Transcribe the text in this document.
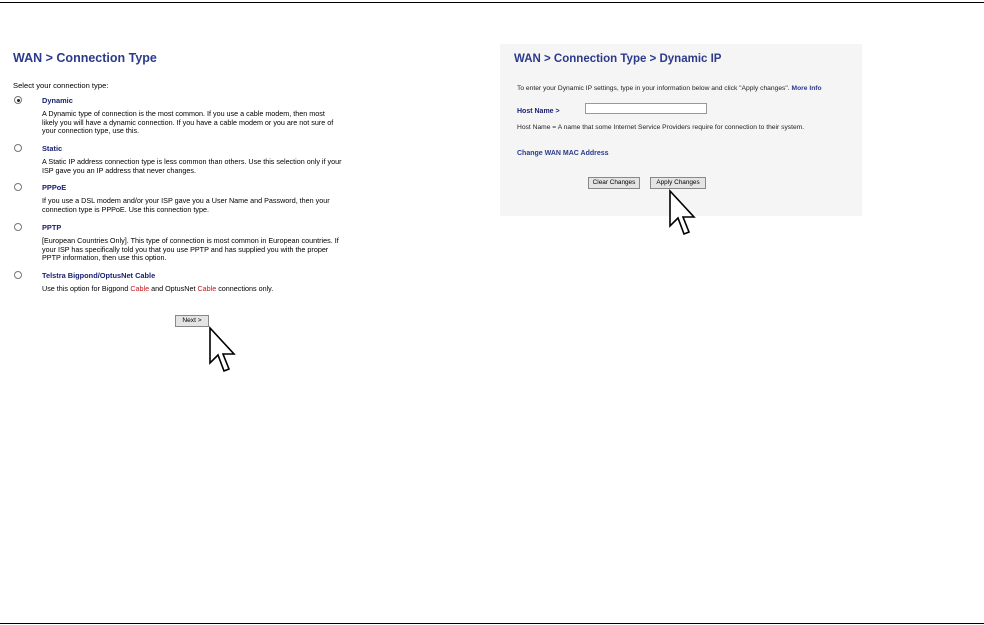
WAN > Connection Type
Select your connection type:
Dynamic
A Dynamic type of connection is the most common. If you use a cable modem, then most likely you will have a dynamic connection. If you have a cable modem or you are not sure of your connection type, use this.
Static
A Static IP address connection type is less common than others. Use this selection only if your ISP gave you an IP address that never changes.
PPPoE
If you use a DSL modem and/or your ISP gave you a User Name and Password, then your connection type is PPPoE. Use this connection type.
PPTP
[European Countries Only]. This type of connection is most common in European countries. If your ISP has specifically told you that you use PPTP and has supplied you with the proper PPTP information, then use this option.
Telstra Bigpond/OptusNet Cable
Use this option for Bigpond Cable and OptusNet Cable connections only.
Next >
WAN > Connection Type > Dynamic IP
To enter your Dynamic IP settings, type in your information below and click "Apply changes". More Info
Host Name >
Host Name = A name that some Internet Service Providers require for connection to their system.
Change WAN MAC Address
Clear Changes	Apply Changes
